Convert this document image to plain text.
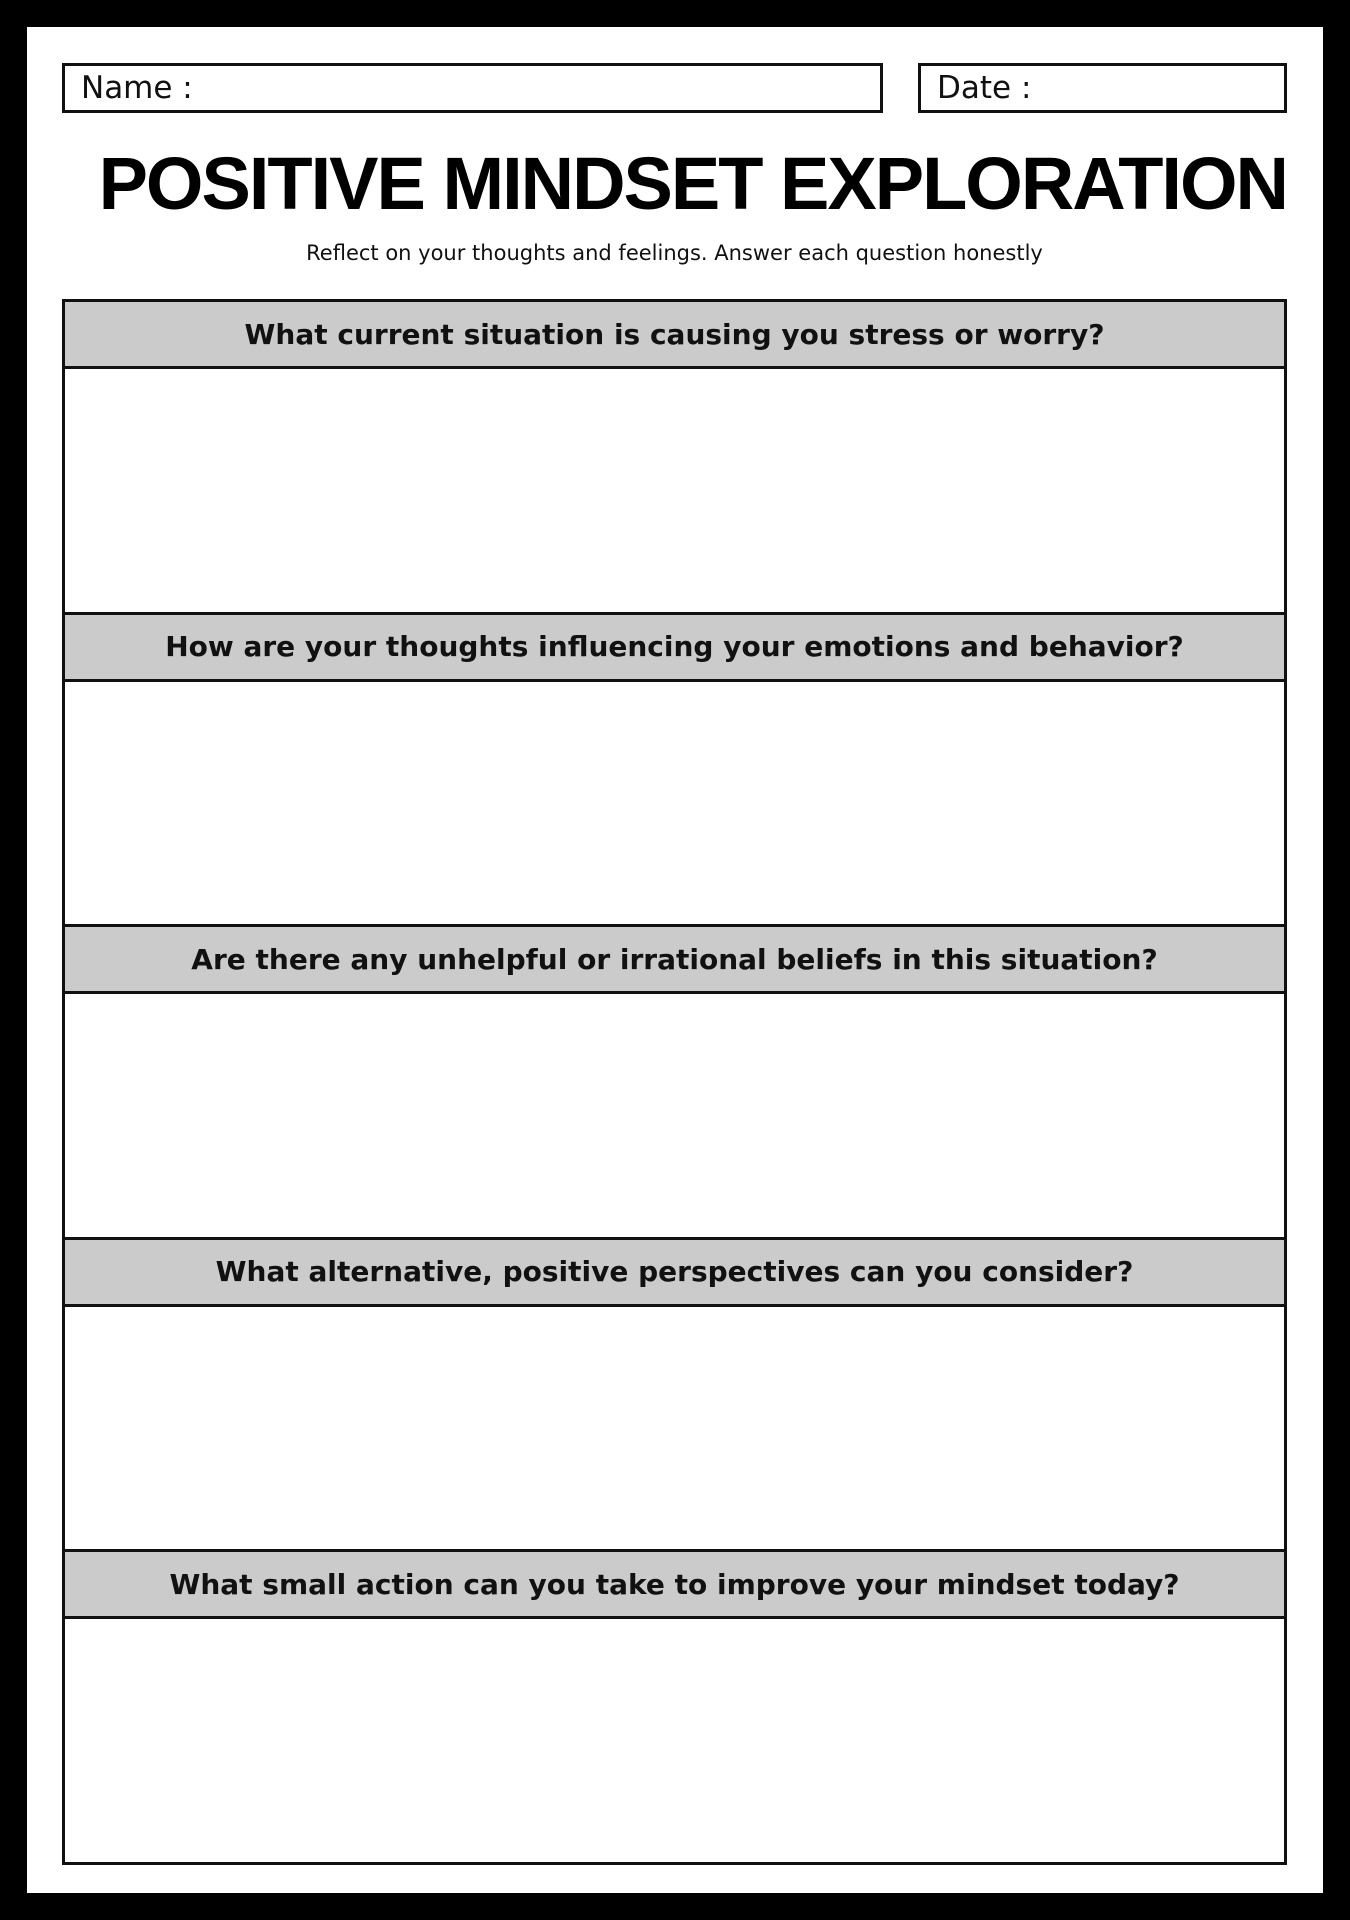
Name :	Date :
POSITIVE MINDSET EXPLORATION
Reflect on your thoughts and feelings. Answer each question honestly
What current situation is causing you stress or worry?
How are your thoughts influencing your emotions and behavior?
Are there any unhelpful or irrational beliefs in this situation?
What alternative, positive perspectives can you consider?
What small action can you take to improve your mindset today?
